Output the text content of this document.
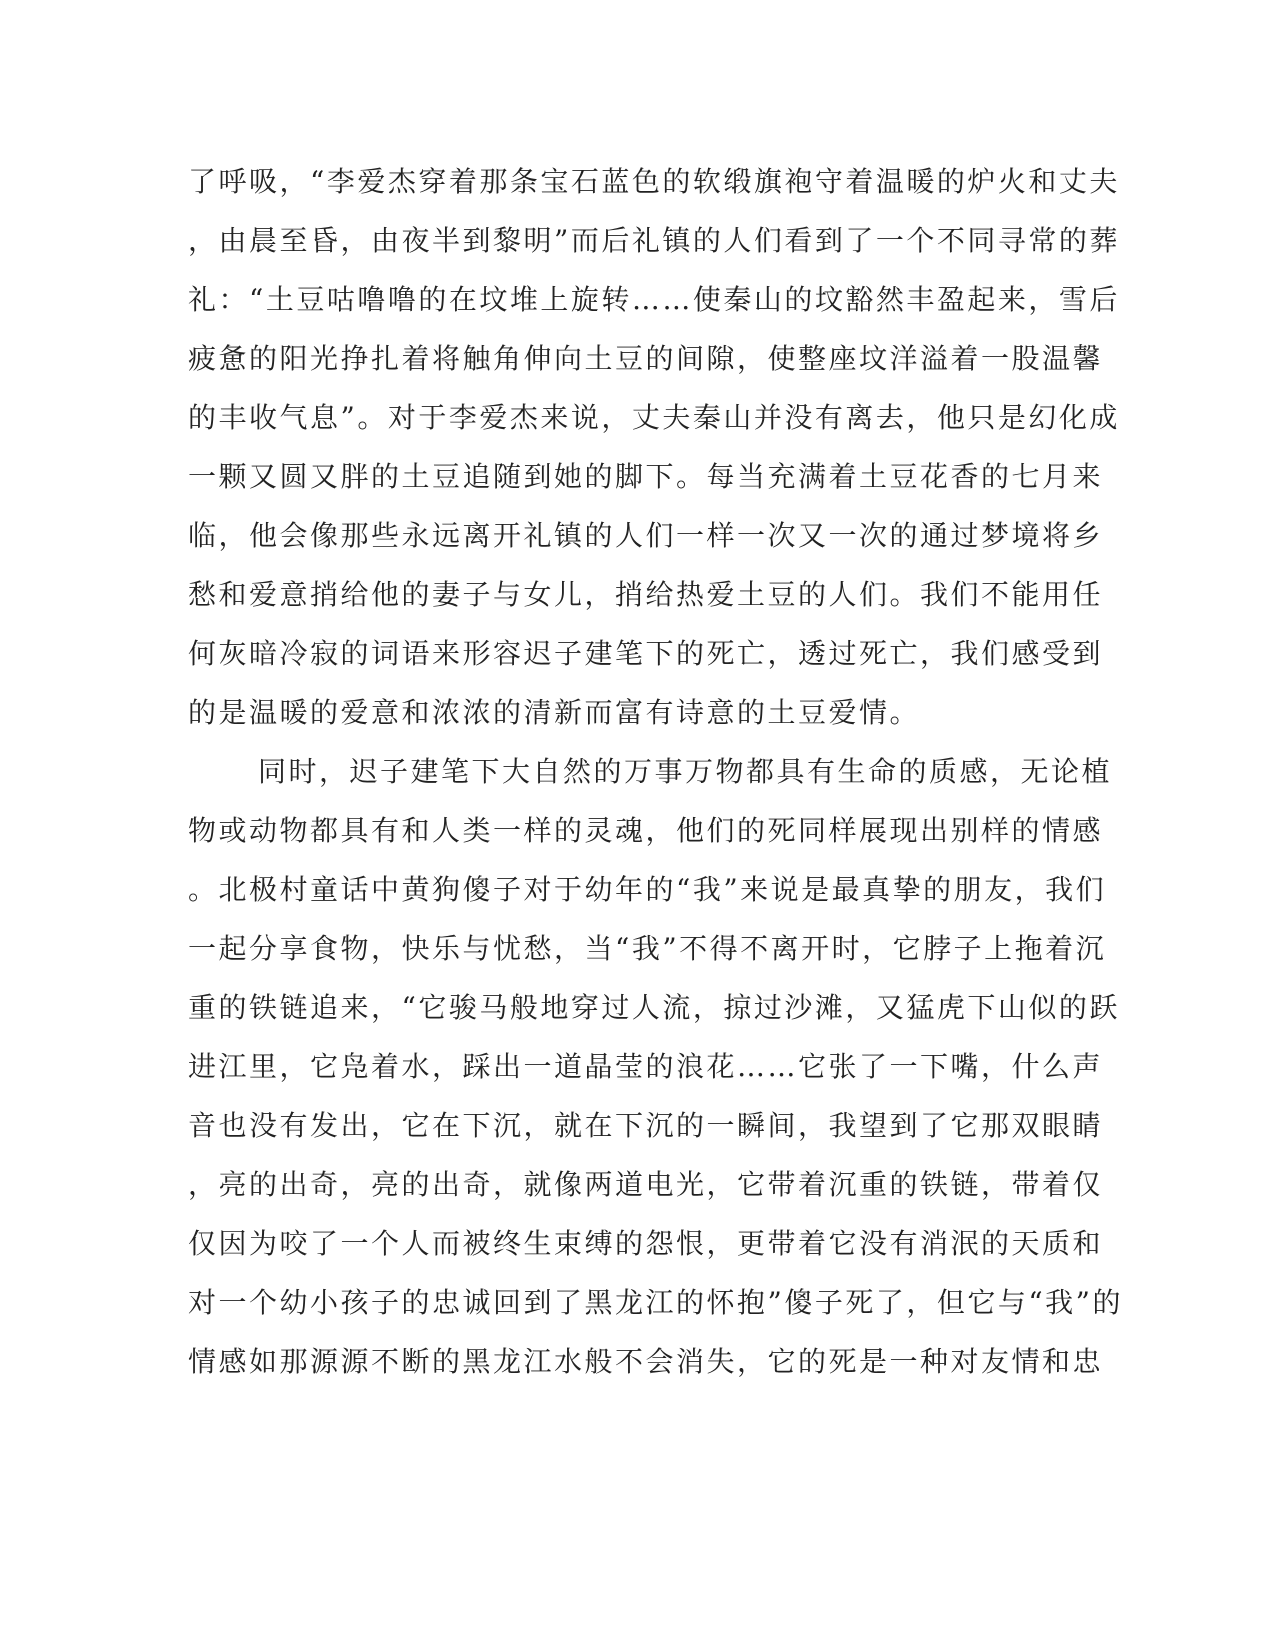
了呼吸，“李爱杰穿着那条宝石蓝色的软缎旗袍守着温暖的炉火和丈夫
，由晨至昏，由夜半到黎明”而后礼镇的人们看到了一个不同寻常的葬
礼：“土豆咕噜噜的在坟堆上旋转……使秦山的坟豁然丰盈起来，雪后
疲惫的阳光挣扎着将触角伸向土豆的间隙，使整座坟洋溢着一股温馨
的丰收气息”。对于李爱杰来说，丈夫秦山并没有离去，他只是幻化成
一颗又圆又胖的土豆追随到她的脚下。每当充满着土豆花香的七月来
临，他会像那些永远离开礼镇的人们一样一次又一次的通过梦境将乡
愁和爱意捎给他的妻子与女儿，捎给热爱土豆的人们。我们不能用任
何灰暗冷寂的词语来形容迟子建笔下的死亡，透过死亡，我们感受到
的是温暖的爱意和浓浓的清新而富有诗意的土豆爱情。
同时，迟子建笔下大自然的万事万物都具有生命的质感，无论植
物或动物都具有和人类一样的灵魂，他们的死同样展现出别样的情感
。北极村童话中黄狗傻子对于幼年的“我”来说是最真挚的朋友，我们
一起分享食物，快乐与忧愁，当“我”不得不离开时，它脖子上拖着沉
重的铁链追来，“它骏马般地穿过人流，掠过沙滩，又猛虎下山似的跃
进江里，它凫着水，踩出一道晶莹的浪花……它张了一下嘴，什么声
音也没有发出，它在下沉，就在下沉的一瞬间，我望到了它那双眼睛
，亮的出奇，亮的出奇，就像两道电光，它带着沉重的铁链，带着仅
仅因为咬了一个人而被终生束缚的怨恨，更带着它没有消泯的天质和
对一个幼小孩子的忠诚回到了黑龙江的怀抱”傻子死了，但它与“我”的
情感如那源源不断的黑龙江水般不会消失，它的死是一种对友情和忠
